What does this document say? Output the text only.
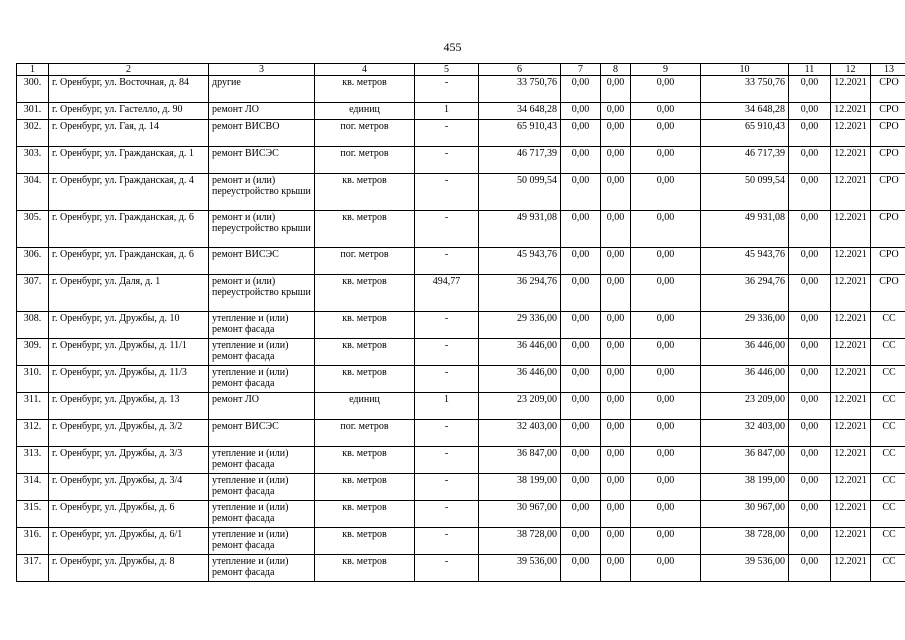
455
1	2	3	4	5	6	7	8	9	10	11	12	13
300.	г. Оренбург, ул. Восточная, д. 84	другие	кв. метров	-	33 750,76	0,00	0,00	0,00	33 750,76	0,00	12.2021	СРО
301.	г. Оренбург, ул. Гастелло, д. 90	ремонт ЛО	единиц	1	34 648,28	0,00	0,00	0,00	34 648,28	0,00	12.2021	СРО
302.	г. Оренбург, ул. Гая, д. 14	ремонт ВИСВО	пог. метров	-	65 910,43	0,00	0,00	0,00	65 910,43	0,00	12.2021	СРО
303.	г. Оренбург, ул. Гражданская, д. 1	ремонт ВИСЭС	пог. метров	-	46 717,39	0,00	0,00	0,00	46 717,39	0,00	12.2021	СРО
304.	г. Оренбург, ул. Гражданская, д. 4	ремонт и (или) переустройство крыши	кв. метров	-	50 099,54	0,00	0,00	0,00	50 099,54	0,00	12.2021	СРО
305.	г. Оренбург, ул. Гражданская, д. 6	ремонт и (или) переустройство крыши	кв. метров	-	49 931,08	0,00	0,00	0,00	49 931,08	0,00	12.2021	СРО
306.	г. Оренбург, ул. Гражданская, д. 6	ремонт ВИСЭС	пог. метров	-	45 943,76	0,00	0,00	0,00	45 943,76	0,00	12.2021	СРО
307.	г. Оренбург, ул. Даля, д. 1	ремонт и (или) переустройство крыши	кв. метров	494,77	36 294,76	0,00	0,00	0,00	36 294,76	0,00	12.2021	СРО
308.	г. Оренбург, ул. Дружбы, д. 10	утепление и (или) ремонт фасада	кв. метров	-	29 336,00	0,00	0,00	0,00	29 336,00	0,00	12.2021	СС
309.	г. Оренбург, ул. Дружбы, д. 11/1	утепление и (или) ремонт фасада	кв. метров	-	36 446,00	0,00	0,00	0,00	36 446,00	0,00	12.2021	СС
310.	г. Оренбург, ул. Дружбы, д. 11/3	утепление и (или) ремонт фасада	кв. метров	-	36 446,00	0,00	0,00	0,00	36 446,00	0,00	12.2021	СС
311.	г. Оренбург, ул. Дружбы, д. 13	ремонт ЛО	единиц	1	23 209,00	0,00	0,00	0,00	23 209,00	0,00	12.2021	СС
312.	г. Оренбург, ул. Дружбы, д. 3/2	ремонт ВИСЭС	пог. метров	-	32 403,00	0,00	0,00	0,00	32 403,00	0,00	12.2021	СС
313.	г. Оренбург, ул. Дружбы, д. 3/3	утепление и (или) ремонт фасада	кв. метров	-	36 847,00	0,00	0,00	0,00	36 847,00	0,00	12.2021	СС
314.	г. Оренбург, ул. Дружбы, д. 3/4	утепление и (или) ремонт фасада	кв. метров	-	38 199,00	0,00	0,00	0,00	38 199,00	0,00	12.2021	СС
315.	г. Оренбург, ул. Дружбы, д. 6	утепление и (или) ремонт фасада	кв. метров	-	30 967,00	0,00	0,00	0,00	30 967,00	0,00	12.2021	СС
316.	г. Оренбург, ул. Дружбы, д. 6/1	утепление и (или) ремонт фасада	кв. метров	-	38 728,00	0,00	0,00	0,00	38 728,00	0,00	12.2021	СС
317.	г. Оренбург, ул. Дружбы, д. 8	утепление и (или) ремонт фасада	кв. метров	-	39 536,00	0,00	0,00	0,00	39 536,00	0,00	12.2021	СС
